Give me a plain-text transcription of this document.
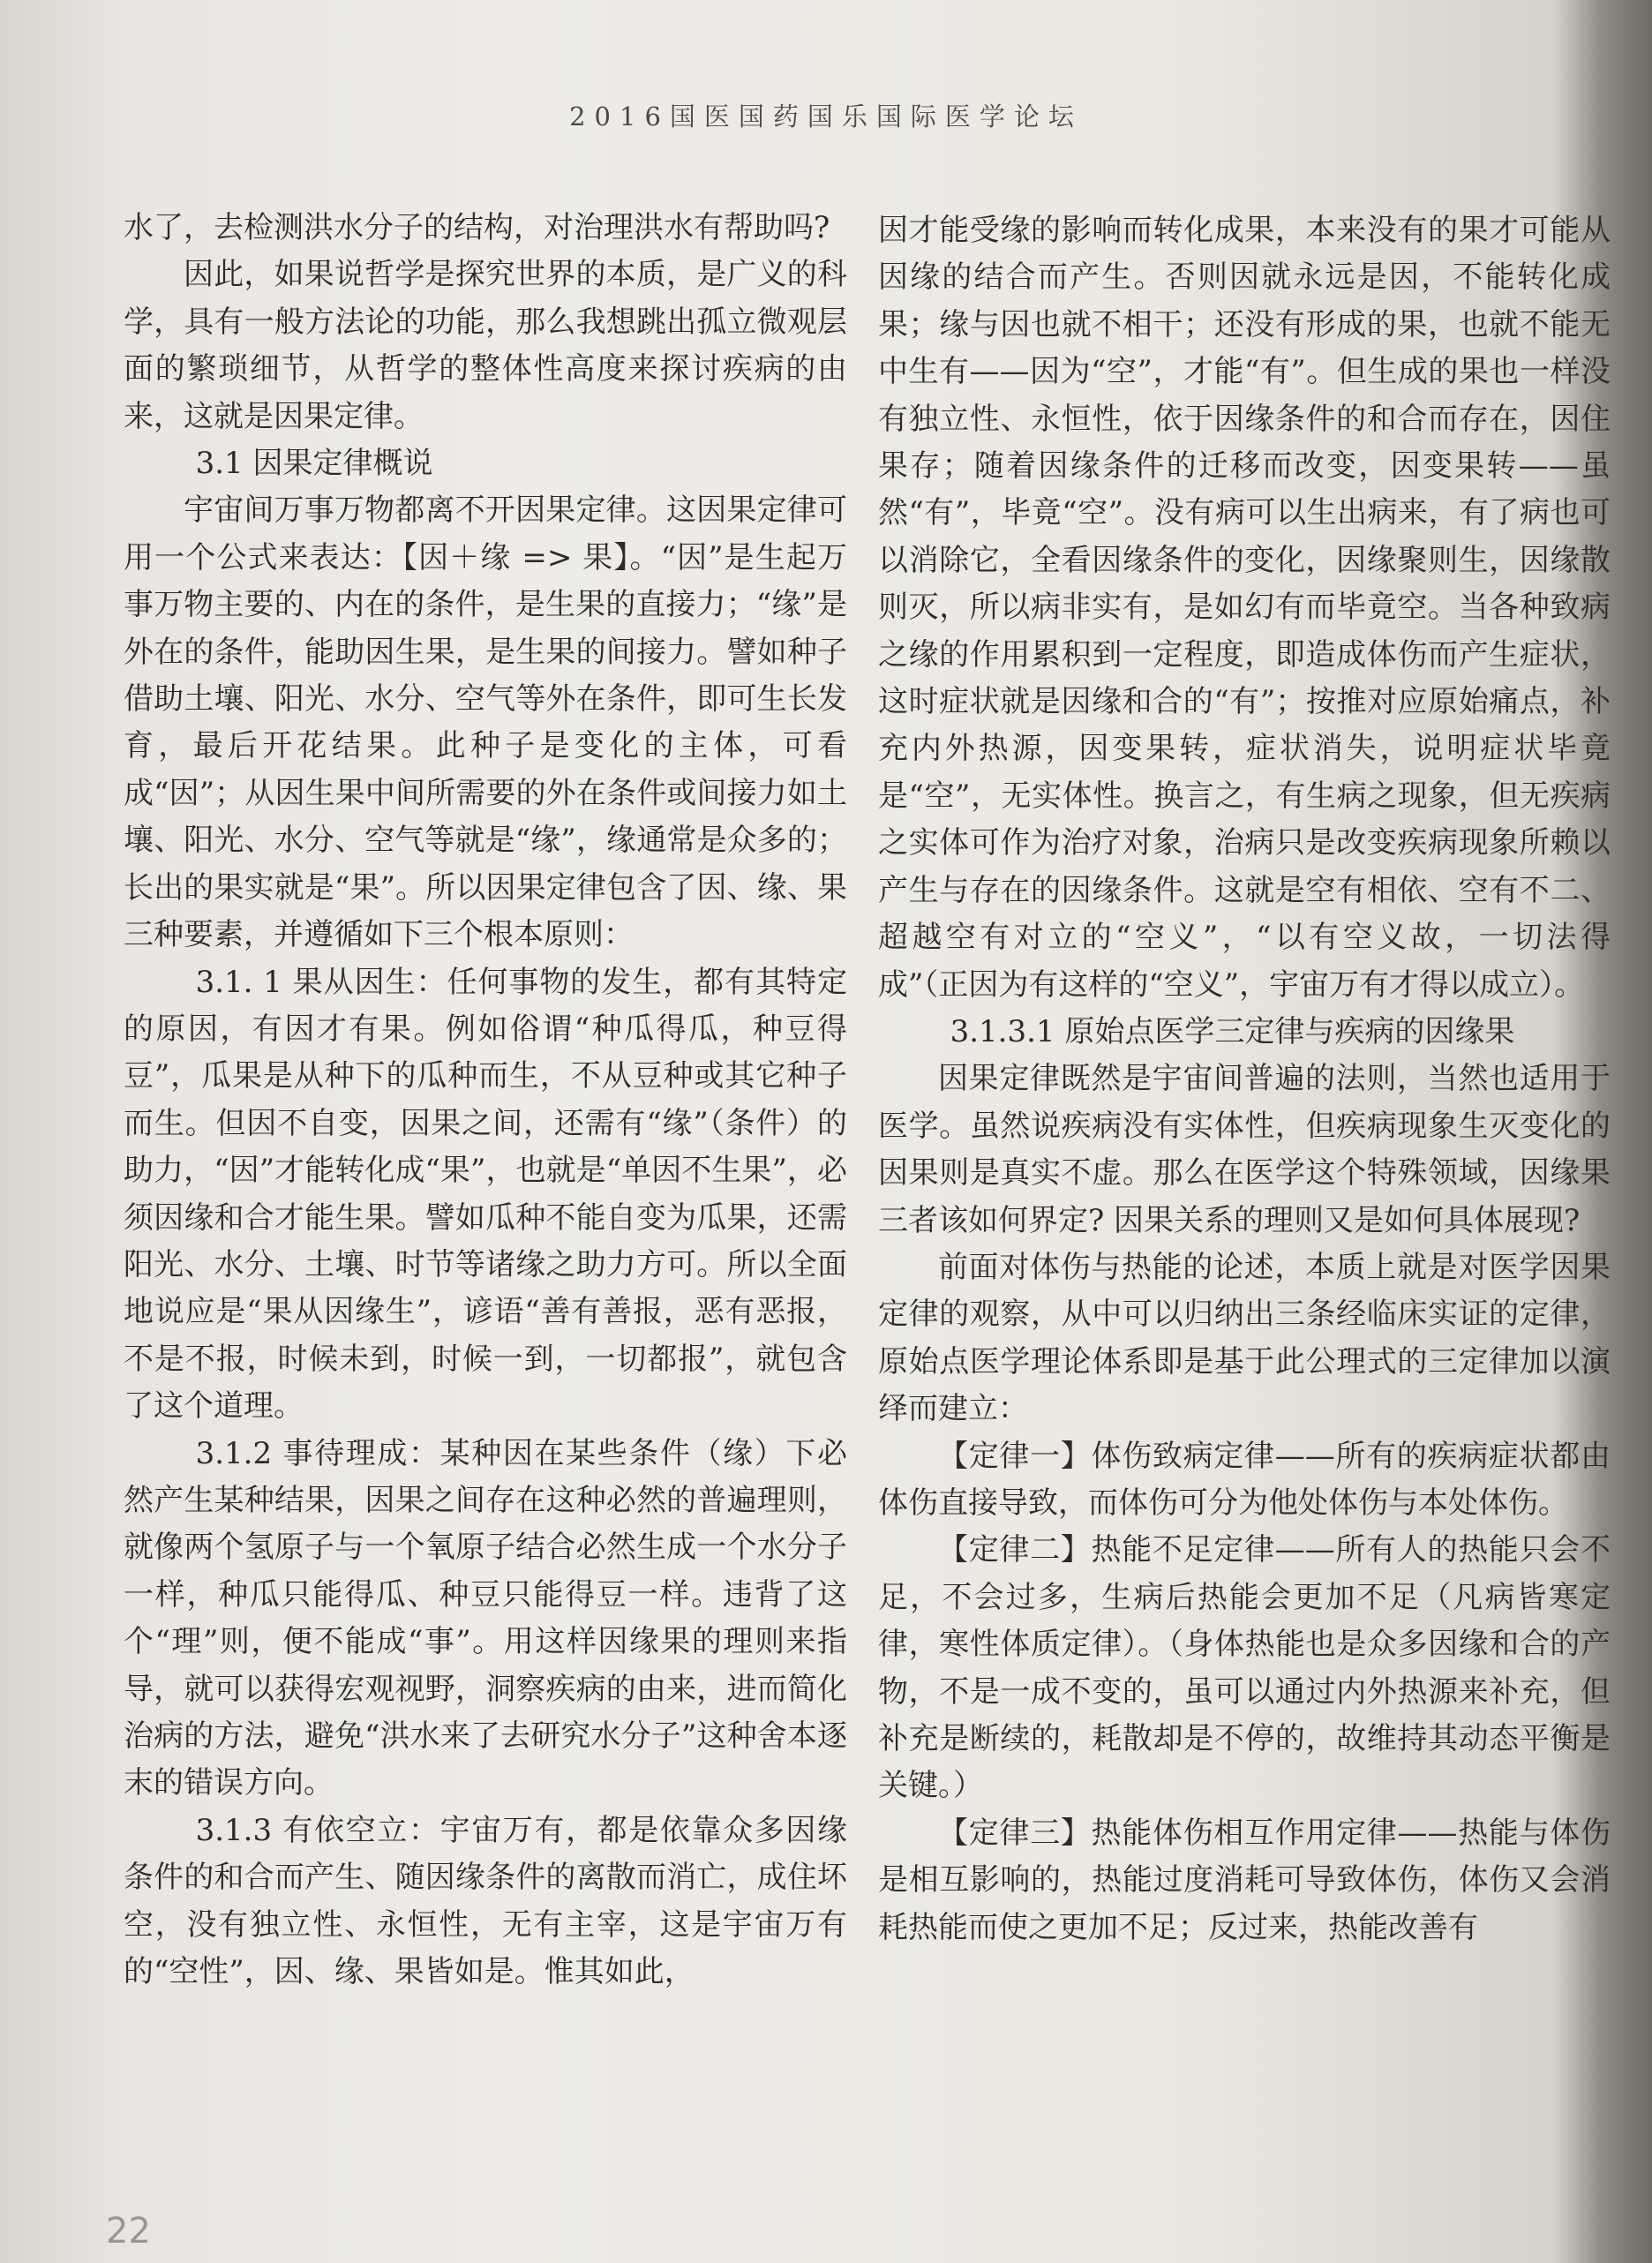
2016国医国药国乐国际医学论坛

水了，去检测洪水分子的结构，对治理洪水有帮助吗?

因此，如果说哲学是探究世界的本质，是广义的科学，具有一般方法论的功能，那么我想跳出孤立微观层面的繁琐细节，从哲学的整体性高度来探讨疾病的由来，这就是因果定律。

3.1 因果定律概说

宇宙间万事万物都离不开因果定律。这因果定律可用一个公式来表达：【因＋缘 => 果】。“因”是生起万事万物主要的、内在的条件，是生果的直接力；“缘”是外在的条件，能助因生果，是生果的间接力。譬如种子借助土壤、阳光、水分、空气等外在条件，即可生长发育，最后开花结果。此种子是变化的主体，可看成“因”；从因生果中间所需要的外在条件或间接力如土壤、阳光、水分、空气等就是“缘”，缘通常是众多的；长出的果实就是“果”。所以因果定律包含了因、缘、果三种要素，并遵循如下三个根本原则：

3.1. 1 果从因生：任何事物的发生，都有其特定的原因，有因才有果。例如俗谓“种瓜得瓜，种豆得豆”，瓜果是从种下的瓜种而生，不从豆种或其它种子而生。但因不自变，因果之间，还需有“缘”（条件）的助力，“因”才能转化成“果”，也就是“单因不生果”，必须因缘和合才能生果。譬如瓜种不能自变为瓜果，还需阳光、水分、土壤、时节等诸缘之助力方可。所以全面地说应是“果从因缘生”，谚语“善有善报，恶有恶报，不是不报，时候未到，时候一到，一切都报”，就包含了这个道理。

3.1.2 事待理成：某种因在某些条件（缘）下必然产生某种结果，因果之间存在这种必然的普遍理则，就像两个氢原子与一个氧原子结合必然生成一个水分子一样，种瓜只能得瓜、种豆只能得豆一样。违背了这个“理”则，便不能成“事”。用这样因缘果的理则来指导，就可以获得宏观视野，洞察疾病的由来，进而简化治病的方法，避免“洪水来了去研究水分子”这种舍本逐末的错误方向。

3.1.3 有依空立：宇宙万有，都是依靠众多因缘条件的和合而产生、随因缘条件的离散而消亡，成住坏空，没有独立性、永恒性，无有主宰，这是宇宙万有的“空性”，因、缘、果皆如是。惟其如此，

因才能受缘的影响而转化成果，本来没有的果才可能从因缘的结合而产生。否则因就永远是因，不能转化成果；缘与因也就不相干；还没有形成的果，也就不能无中生有——因为“空”，才能“有”。但生成的果也一样没有独立性、永恒性，依于因缘条件的和合而存在，因住果存；随着因缘条件的迁移而改变，因变果转——虽然“有”，毕竟“空”。没有病可以生出病来，有了病也可以消除它，全看因缘条件的变化，因缘聚则生，因缘散则灭，所以病非实有，是如幻有而毕竟空。当各种致病之缘的作用累积到一定程度，即造成体伤而产生症状，这时症状就是因缘和合的“有”；按推对应原始痛点，补充内外热源，因变果转，症状消失，说明症状毕竟是“空”，无实体性。换言之，有生病之现象，但无疾病之实体可作为治疗对象，治病只是改变疾病现象所赖以产生与存在的因缘条件。这就是空有相依、空有不二、超越空有对立的“空义”，“以有空义故，一切法得成”（正因为有这样的“空义”，宇宙万有才得以成立）。

3.1.3.1 原始点医学三定律与疾病的因缘果

因果定律既然是宇宙间普遍的法则，当然也适用于医学。虽然说疾病没有实体性，但疾病现象生灭变化的因果则是真实不虚。那么在医学这个特殊领域，因缘果三者该如何界定? 因果关系的理则又是如何具体展现?

前面对体伤与热能的论述，本质上就是对医学因果定律的观察，从中可以归纳出三条经临床实证的定律，原始点医学理论体系即是基于此公理式的三定律加以演绎而建立：

【定律一】体伤致病定律——所有的疾病症状都由体伤直接导致，而体伤可分为他处体伤与本处体伤。

【定律二】热能不足定律——所有人的热能只会不足，不会过多，生病后热能会更加不足（凡病皆寒定律，寒性体质定律）。（身体热能也是众多因缘和合的产物，不是一成不变的，虽可以通过内外热源来补充，但补充是断续的，耗散却是不停的，故维持其动态平衡是关键。）

【定律三】热能体伤相互作用定律——热能与体伤是相互影响的，热能过度消耗可导致体伤，体伤又会消耗热能而使之更加不足；反过来，热能改善有

22
